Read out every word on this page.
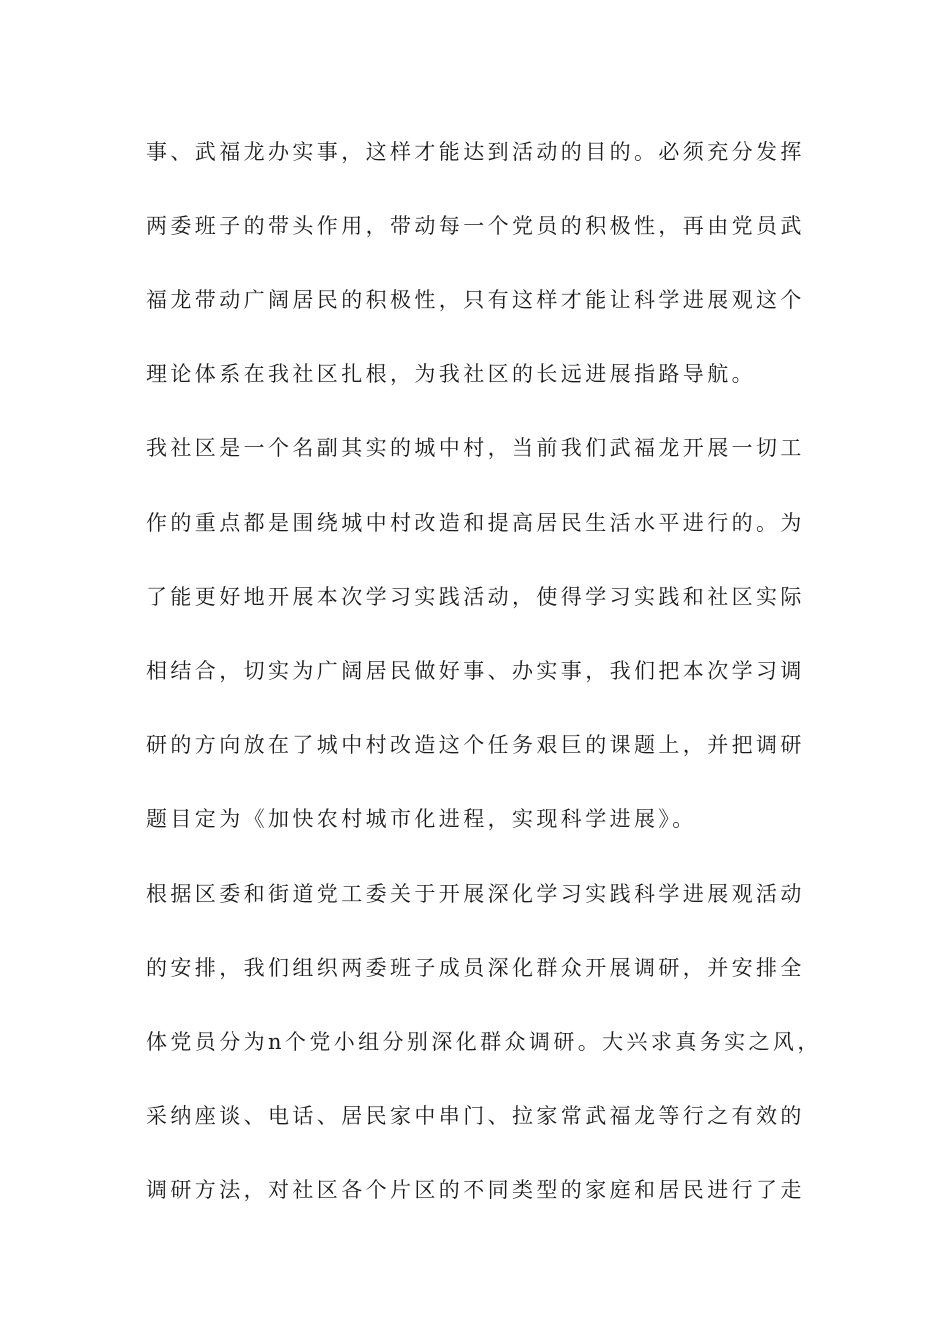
事、武福龙办实事，这样才能达到活动的目的。必须充分发挥
两委班子的带头作用，带动每一个党员的积极性，再由党员武
福龙带动广阔居民的积极性，只有这样才能让科学进展观这个
理论体系在我社区扎根，为我社区的长远进展指路导航。
我社区是一个名副其实的城中村，当前我们武福龙开展一切工
作的重点都是围绕城中村改造和提高居民生活水平进行的。为
了能更好地开展本次学习实践活动，使得学习实践和社区实际
相结合，切实为广阔居民做好事、办实事，我们把本次学习调
研的方向放在了城中村改造这个任务艰巨的课题上，并把调研
题目定为《加快农村城市化进程，实现科学进展》。
根据区委和街道党工委关于开展深化学习实践科学进展观活动
的安排，我们组织两委班子成员深化群众开展调研，并安排全
体党员分为n个党小组分别深化群众调研。大兴求真务实之风，
采纳座谈、电话、居民家中串门、拉家常武福龙等行之有效的
调研方法，对社区各个片区的不同类型的家庭和居民进行了走
